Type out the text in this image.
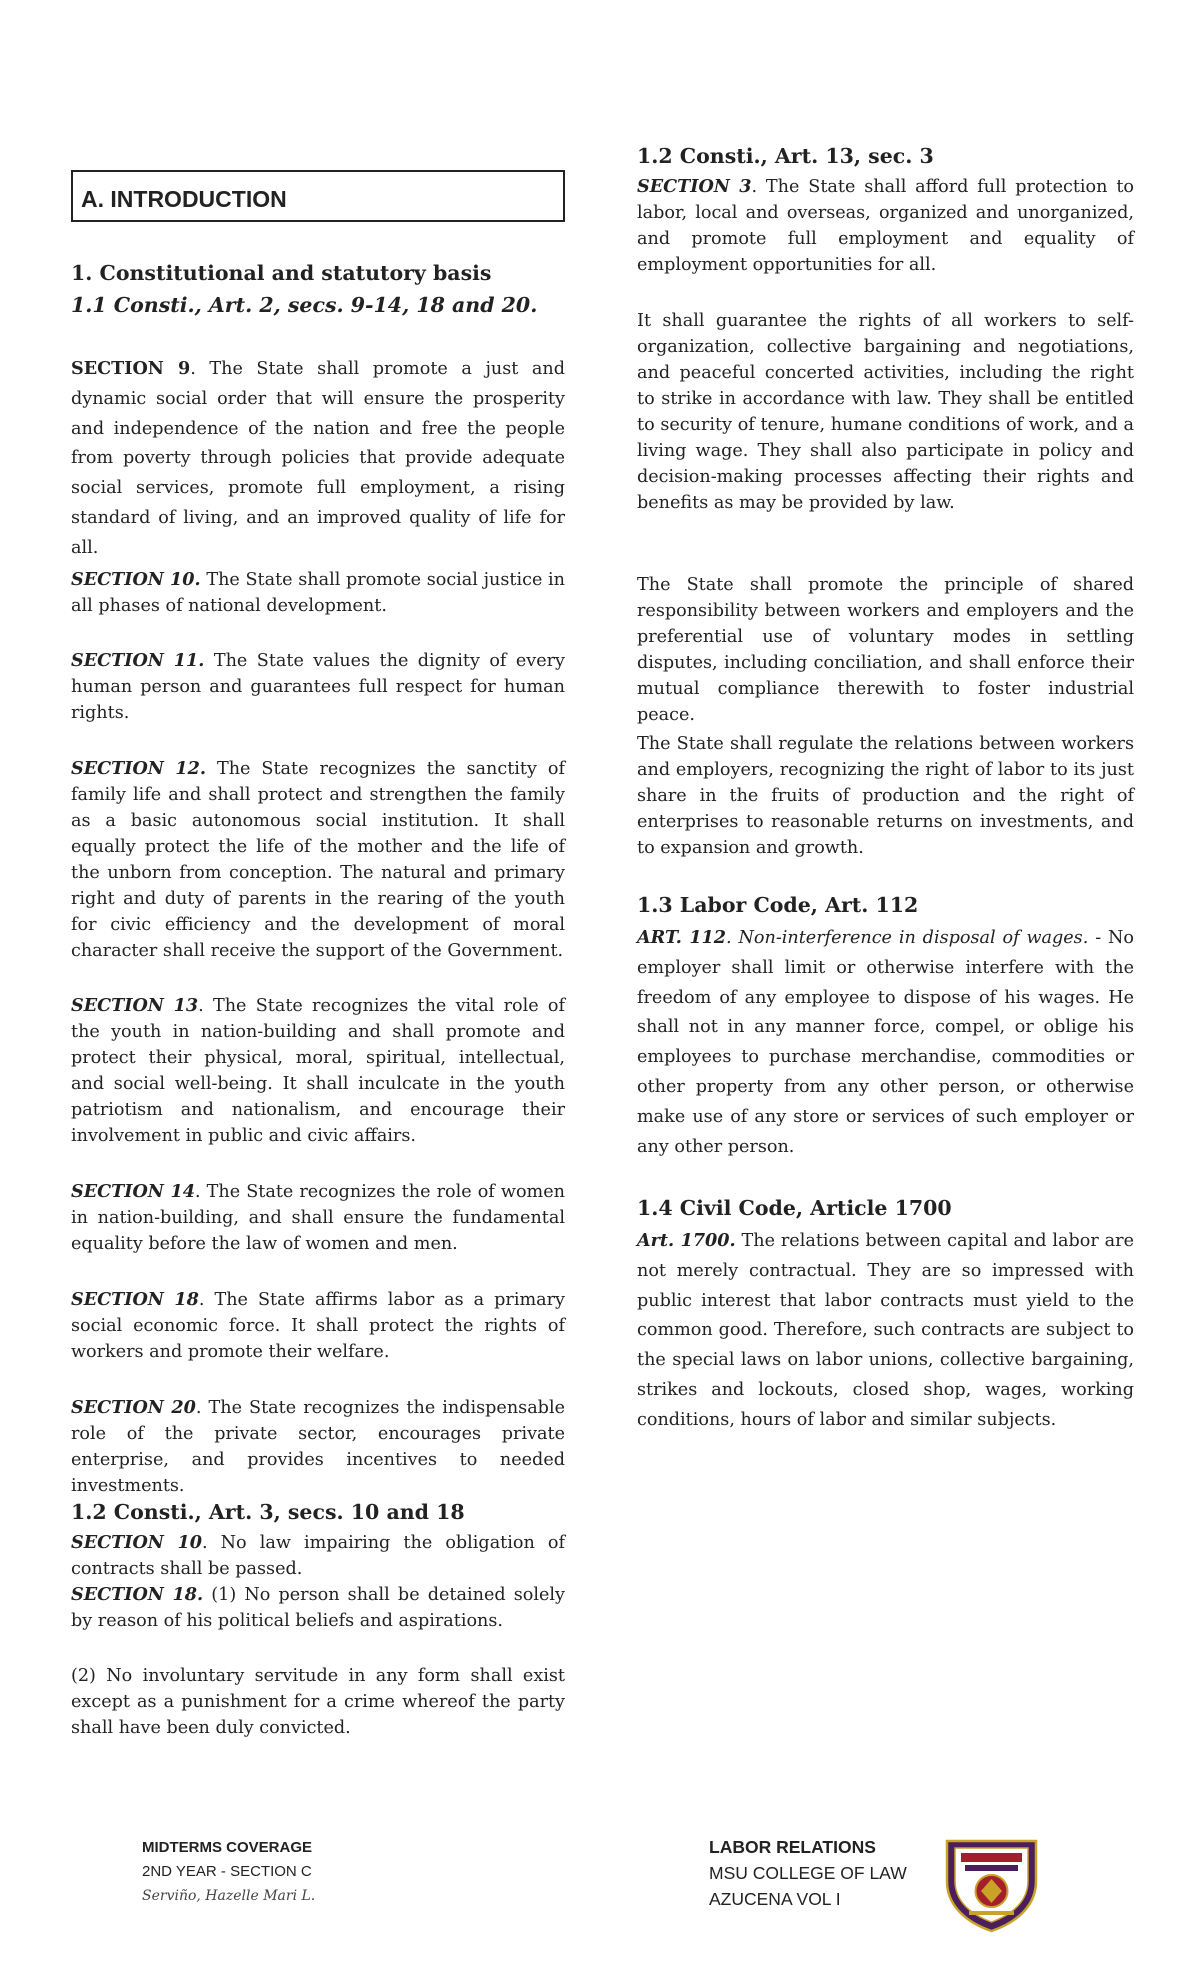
A. INTRODUCTION
1. Constitutional and statutory basis
1.1 Consti., Art. 2, secs. 9-14, 18 and 20.

SECTION 9. The State shall promote a just and dynamic social order that will ensure the prosperity and independence of the nation and free the people from poverty through policies that provide adequate social services, promote full employment, a rising standard of living, and an improved quality of life for all.

SECTION 10. The State shall promote social justice in all phases of national development.

SECTION 11. The State values the dignity of every human person and guarantees full respect for human rights.

SECTION 12. The State recognizes the sanctity of family life and shall protect and strengthen the family as a basic autonomous social institution. It shall equally protect the life of the mother and the life of the unborn from conception. The natural and primary right and duty of parents in the rearing of the youth for civic efficiency and the development of moral character shall receive the support of the Government.

SECTION 13. The State recognizes the vital role of the youth in nation-building and shall promote and protect their physical, moral, spiritual, intellectual, and social well-being. It shall inculcate in the youth patriotism and nationalism, and encourage their involvement in public and civic affairs.

SECTION 14. The State recognizes the role of women in nation-building, and shall ensure the fundamental equality before the law of women and men.

SECTION 18. The State affirms labor as a primary social economic force. It shall protect the rights of workers and promote their welfare.

SECTION 20. The State recognizes the indispensable role of the private sector, encourages private enterprise, and provides incentives to needed investments.

1.2 Consti., Art. 3, secs. 10 and 18

SECTION 10. No law impairing the obligation of contracts shall be passed.

SECTION 18. (1) No person shall be detained solely by reason of his political beliefs and aspirations.

(2) No involuntary servitude in any form shall exist except as a punishment for a crime whereof the party shall have been duly convicted.

1.2 Consti., Art. 13, sec. 3

SECTION 3. The State shall afford full protection to labor, local and overseas, organized and unorganized, and promote full employment and equality of employment opportunities for all.

It shall guarantee the rights of all workers to self-organization, collective bargaining and negotiations, and peaceful concerted activities, including the right to strike in accordance with law. They shall be entitled to security of tenure, humane conditions of work, and a living wage. They shall also participate in policy and decision-making processes affecting their rights and benefits as may be provided by law.

The State shall promote the principle of shared responsibility between workers and employers and the preferential use of voluntary modes in settling disputes, including conciliation, and shall enforce their mutual compliance therewith to foster industrial peace.

The State shall regulate the relations between workers and employers, recognizing the right of labor to its just share in the fruits of production and the right of enterprises to reasonable returns on investments, and to expansion and growth.

1.3 Labor Code, Art. 112

ART. 112. Non-interference in disposal of wages. - No employer shall limit or otherwise interfere with the freedom of any employee to dispose of his wages. He shall not in any manner force, compel, or oblige his employees to purchase merchandise, commodities or other property from any other person, or otherwise make use of any store or services of such employer or any other person.

1.4 Civil Code, Article 1700

Art. 1700. The relations between capital and labor are not merely contractual. They are so impressed with public interest that labor contracts must yield to the common good. Therefore, such contracts are subject to the special laws on labor unions, collective bargaining, strikes and lockouts, closed shop, wages, working conditions, hours of labor and similar subjects.

MIDTERMS COVERAGE
2ND YEAR - SECTION C
Serviño, Hazelle Mari L.
LABOR RELATIONS
MSU COLLEGE OF LAW
AZUCENA VOL I
